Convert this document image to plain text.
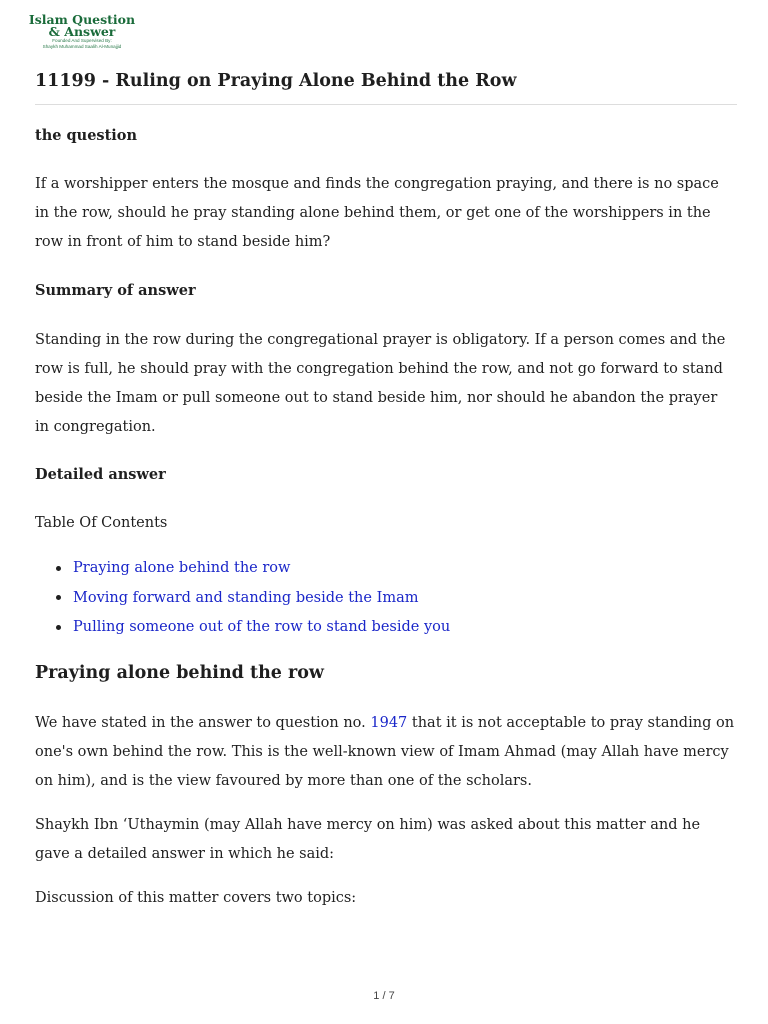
Islam Question
& Answer
Founded And Supervised By:
Shaykh Muhammad Saalih Al-Munajjid
11199 - Ruling on Praying Alone Behind the Row

the question

If a worshipper enters the mosque and finds the congregation praying, and there is no space in the row, should he pray standing alone behind them, or get one of the worshippers in the row in front of him to stand beside him?

Summary of answer

Standing in the row during the congregational prayer is obligatory. If a person comes and the row is full, he should pray with the congregation behind the row, and not go forward to stand beside the Imam or pull someone out to stand beside him, nor should he abandon the prayer in congregation.

Detailed answer

Table Of Contents

Praying alone behind the row
Moving forward and standing beside the Imam
Pulling someone out of the row to stand beside you
Praying alone behind the row

We have stated in the answer to question no. 1947 that it is not acceptable to pray standing on one's own behind the row. This is the well-known view of Imam Ahmad (may Allah have mercy on him), and is the view favoured by more than one of the scholars.

Shaykh Ibn ‘Uthaymin (may Allah have mercy on him) was asked about this matter and he gave a detailed answer in which he said:

Discussion of this matter covers two topics:

1 / 7
